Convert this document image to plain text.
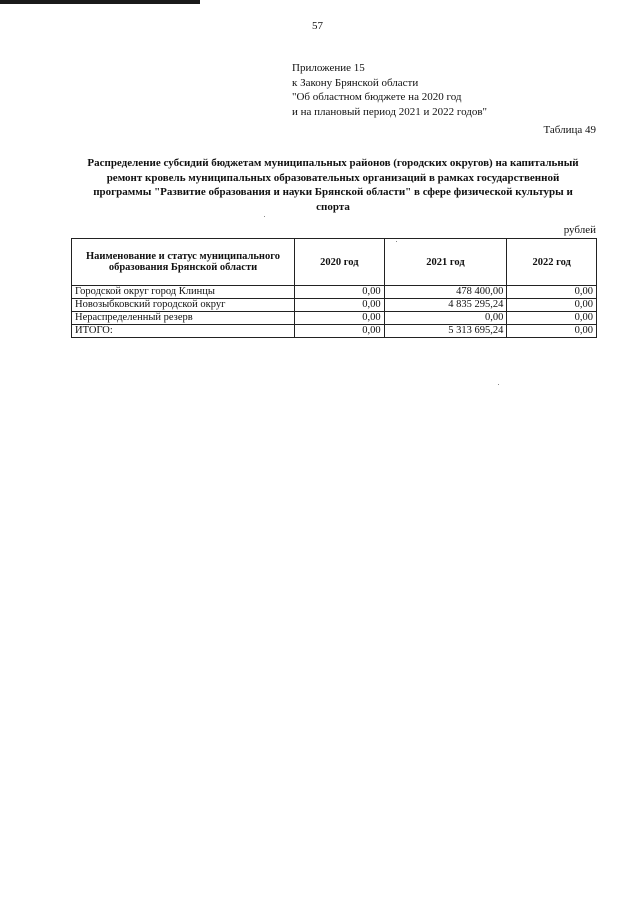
57
Приложение 15
к Закону Брянской области
"Об областном бюджете на 2020 год
и на плановый период 2021 и 2022 годов"
Таблица 49
Распределение субсидий бюджетам муниципальных районов (городских округов) на капитальный
ремонт кровель муниципальных образовательных организаций в рамках государственной
программы "Развитие образования и науки Брянской области" в сфере физической культуры и
спорта
рублей
Наименование и статус муниципального образования Брянской области	2020 год	2021 год	2022 год
Городской округ город Клинцы	0,00	478 400,00	0,00
Новозыбковский городской округ	0,00	4 835 295,24	0,00
Нераспределенный резерв	0,00	0,00	0,00
ИТОГО:	0,00	5 313 695,24	0,00
